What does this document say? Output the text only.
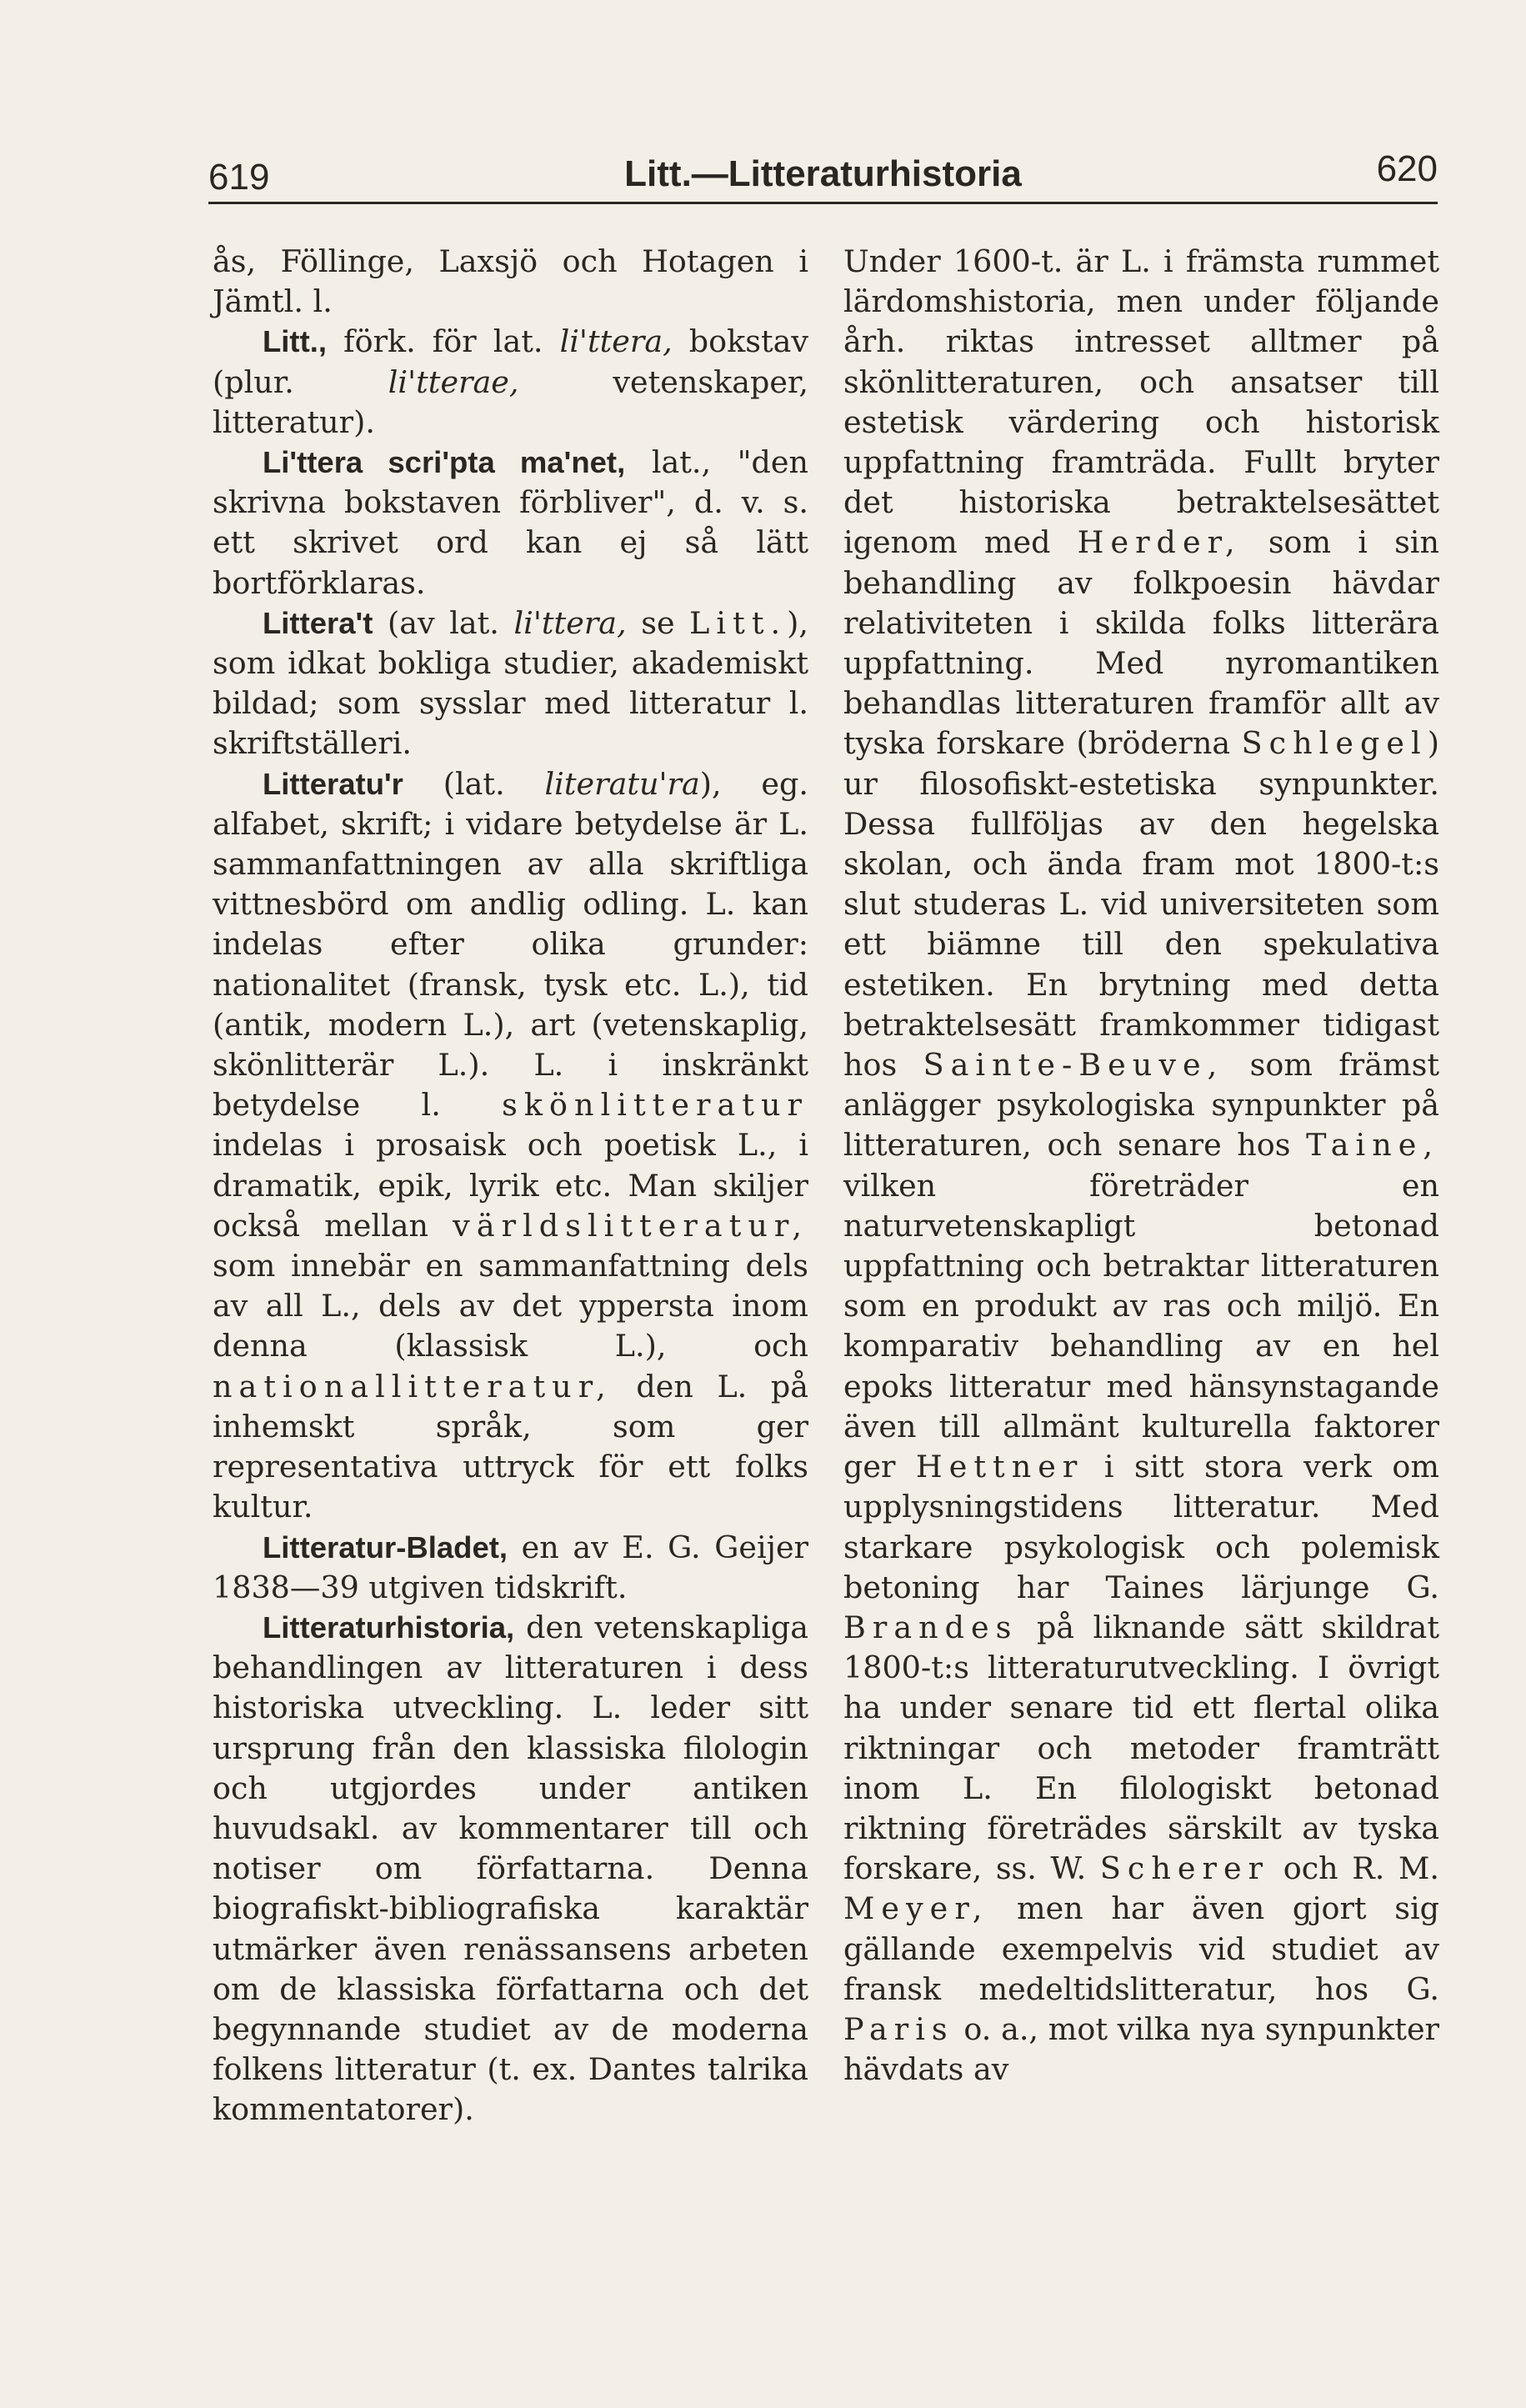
619	Litt.—Litteraturhistoria	620

ås, Föllinge, Laxsjö och Hotagen i Jämtl. l.

Litt., förk. för lat. li'ttera, bokstav (plur. li'tterae, vetenskaper, litteratur).

Li'ttera scri'pta ma'net, lat., "den skrivna bokstaven förbliver", d. v. s. ett skrivet ord kan ej så lätt bortförklaras.

Littera't (av lat. li'ttera, se Litt.), som idkat bokliga studier, akademiskt bildad; som sysslar med litteratur l. skriftställeri.

Litteratu'r (lat. literatu'ra), eg. alfabet, skrift; i vidare betydelse är L. sammanfattningen av alla skriftliga vittnesbörd om andlig odling. L. kan indelas efter olika grunder: nationalitet (fransk, tysk etc. L.), tid (antik, modern L.), art (vetenskaplig, skönlitterär L.). L. i inskränkt betydelse l. skönlitteratur indelas i prosaisk och poetisk L., i dramatik, epik, lyrik etc. Man skiljer också mellan världslitteratur, som innebär en sammanfattning dels av all L., dels av det yppersta inom denna (klassisk L.), och nationallitteratur, den L. på inhemskt språk, som ger representativa uttryck för ett folks kultur.

Litteratur-Bladet, en av E. G. Geijer 1838—39 utgiven tidskrift.

Litteraturhistoria, den vetenskapliga behandlingen av litteraturen i dess historiska utveckling. L. leder sitt ursprung från den klassiska filologin och utgjordes under antiken huvudsakl. av kommentarer till och notiser om författarna. Denna biografiskt-bibliografiska karaktär utmärker även renässansens arbeten om de klassiska författarna och det begynnande studiet av de moderna folkens litteratur (t. ex. Dantes talrika kommentatorer).

Under 1600-t. är L. i främsta rummet lärdomshistoria, men under följande årh. riktas intresset alltmer på skönlitteraturen, och ansatser till estetisk värdering och historisk uppfattning framträda. Fullt bryter det historiska betraktelsesättet igenom med Herder, som i sin behandling av folkpoesin hävdar relativiteten i skilda folks litterära uppfattning. Med nyromantiken behandlas litteraturen framför allt av tyska forskare (bröderna Schlegel) ur filosofiskt-estetiska synpunkter. Dessa fullföljas av den hegelska skolan, och ända fram mot 1800-t:s slut studeras L. vid universiteten som ett biämne till den spekulativa estetiken. En brytning med detta betraktelsesätt framkommer tidigast hos Sainte-Beuve, som främst anlägger psykologiska synpunkter på litteraturen, och senare hos Taine, vilken företräder en naturvetenskapligt betonad uppfattning och betraktar litteraturen som en produkt av ras och miljö. En komparativ behandling av en hel epoks litteratur med hänsynstagande även till allmänt kulturella faktorer ger Hettner i sitt stora verk om upplysningstidens litteratur. Med starkare psykologisk och polemisk betoning har Taines lärjunge G. Brandes på liknande sätt skildrat 1800-t:s litteraturutveckling. I övrigt ha under senare tid ett flertal olika riktningar och metoder framträtt inom L. En filologiskt betonad riktning företrädes särskilt av tyska forskare, ss. W. Scherer och R. M. Meyer, men har även gjort sig gällande exempelvis vid studiet av fransk medeltidslitteratur, hos G. Paris o. a., mot vilka nya synpunkter hävdats av
